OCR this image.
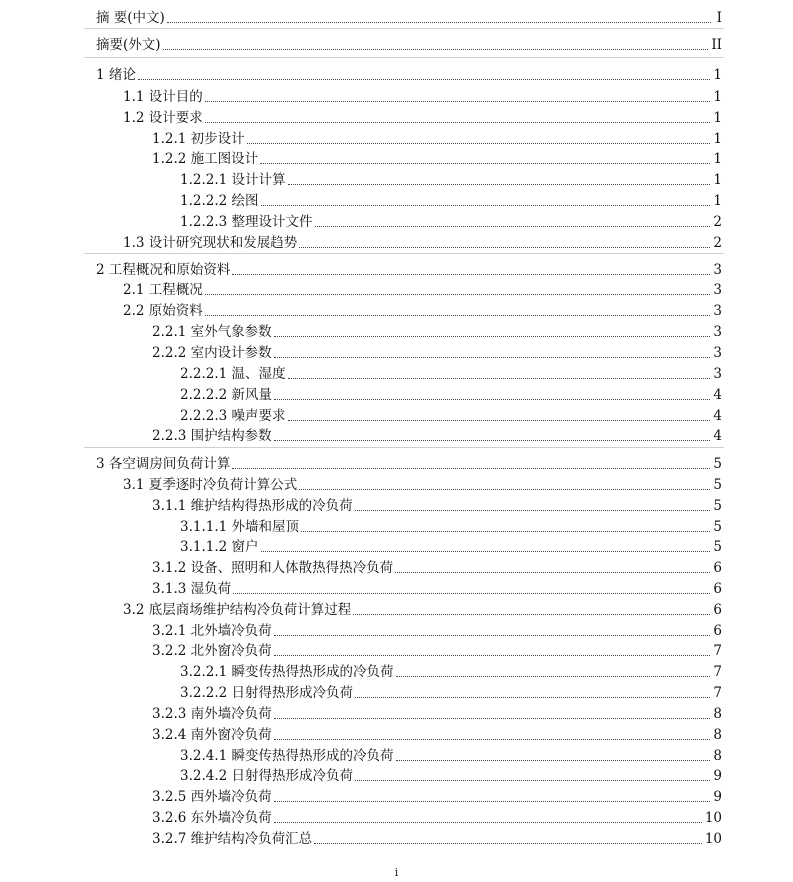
摘 要(中文)	I
摘要(外文)	II
1 绪论	1
1.1 设计目的	1
1.2 设计要求	1
1.2.1 初步设计	1
1.2.2 施工图设计	1
1.2.2.1 设计计算	1
1.2.2.2 绘图	1
1.2.2.3 整理设计文件	2
1.3 设计研究现状和发展趋势	2
2 工程概况和原始资料	3
2.1 工程概况	3
2.2 原始资料	3
2.2.1 室外气象参数	3
2.2.2 室内设计参数	3
2.2.2.1 温、湿度	3
2.2.2.2 新风量	4
2.2.2.3 噪声要求	4
2.2.3 围护结构参数	4
3 各空调房间负荷计算	5
3.1 夏季逐时冷负荷计算公式	5
3.1.1 维护结构得热形成的冷负荷	5
3.1.1.1 外墙和屋顶	5
3.1.1.2 窗户	5
3.1.2 设备、照明和人体散热得热冷负荷	6
3.1.3 湿负荷	6
3.2 底层商场维护结构冷负荷计算过程	6
3.2.1 北外墙冷负荷	6
3.2.2 北外窗冷负荷	7
3.2.2.1 瞬变传热得热形成的冷负荷	7
3.2.2.2 日射得热形成冷负荷	7
3.2.3 南外墙冷负荷	8
3.2.4 南外窗冷负荷	8
3.2.4.1 瞬变传热得热形成的冷负荷	8
3.2.4.2 日射得热形成冷负荷	9
3.2.5 西外墙冷负荷	9
3.2.6 东外墙冷负荷	10
3.2.7 维护结构冷负荷汇总	10
i
